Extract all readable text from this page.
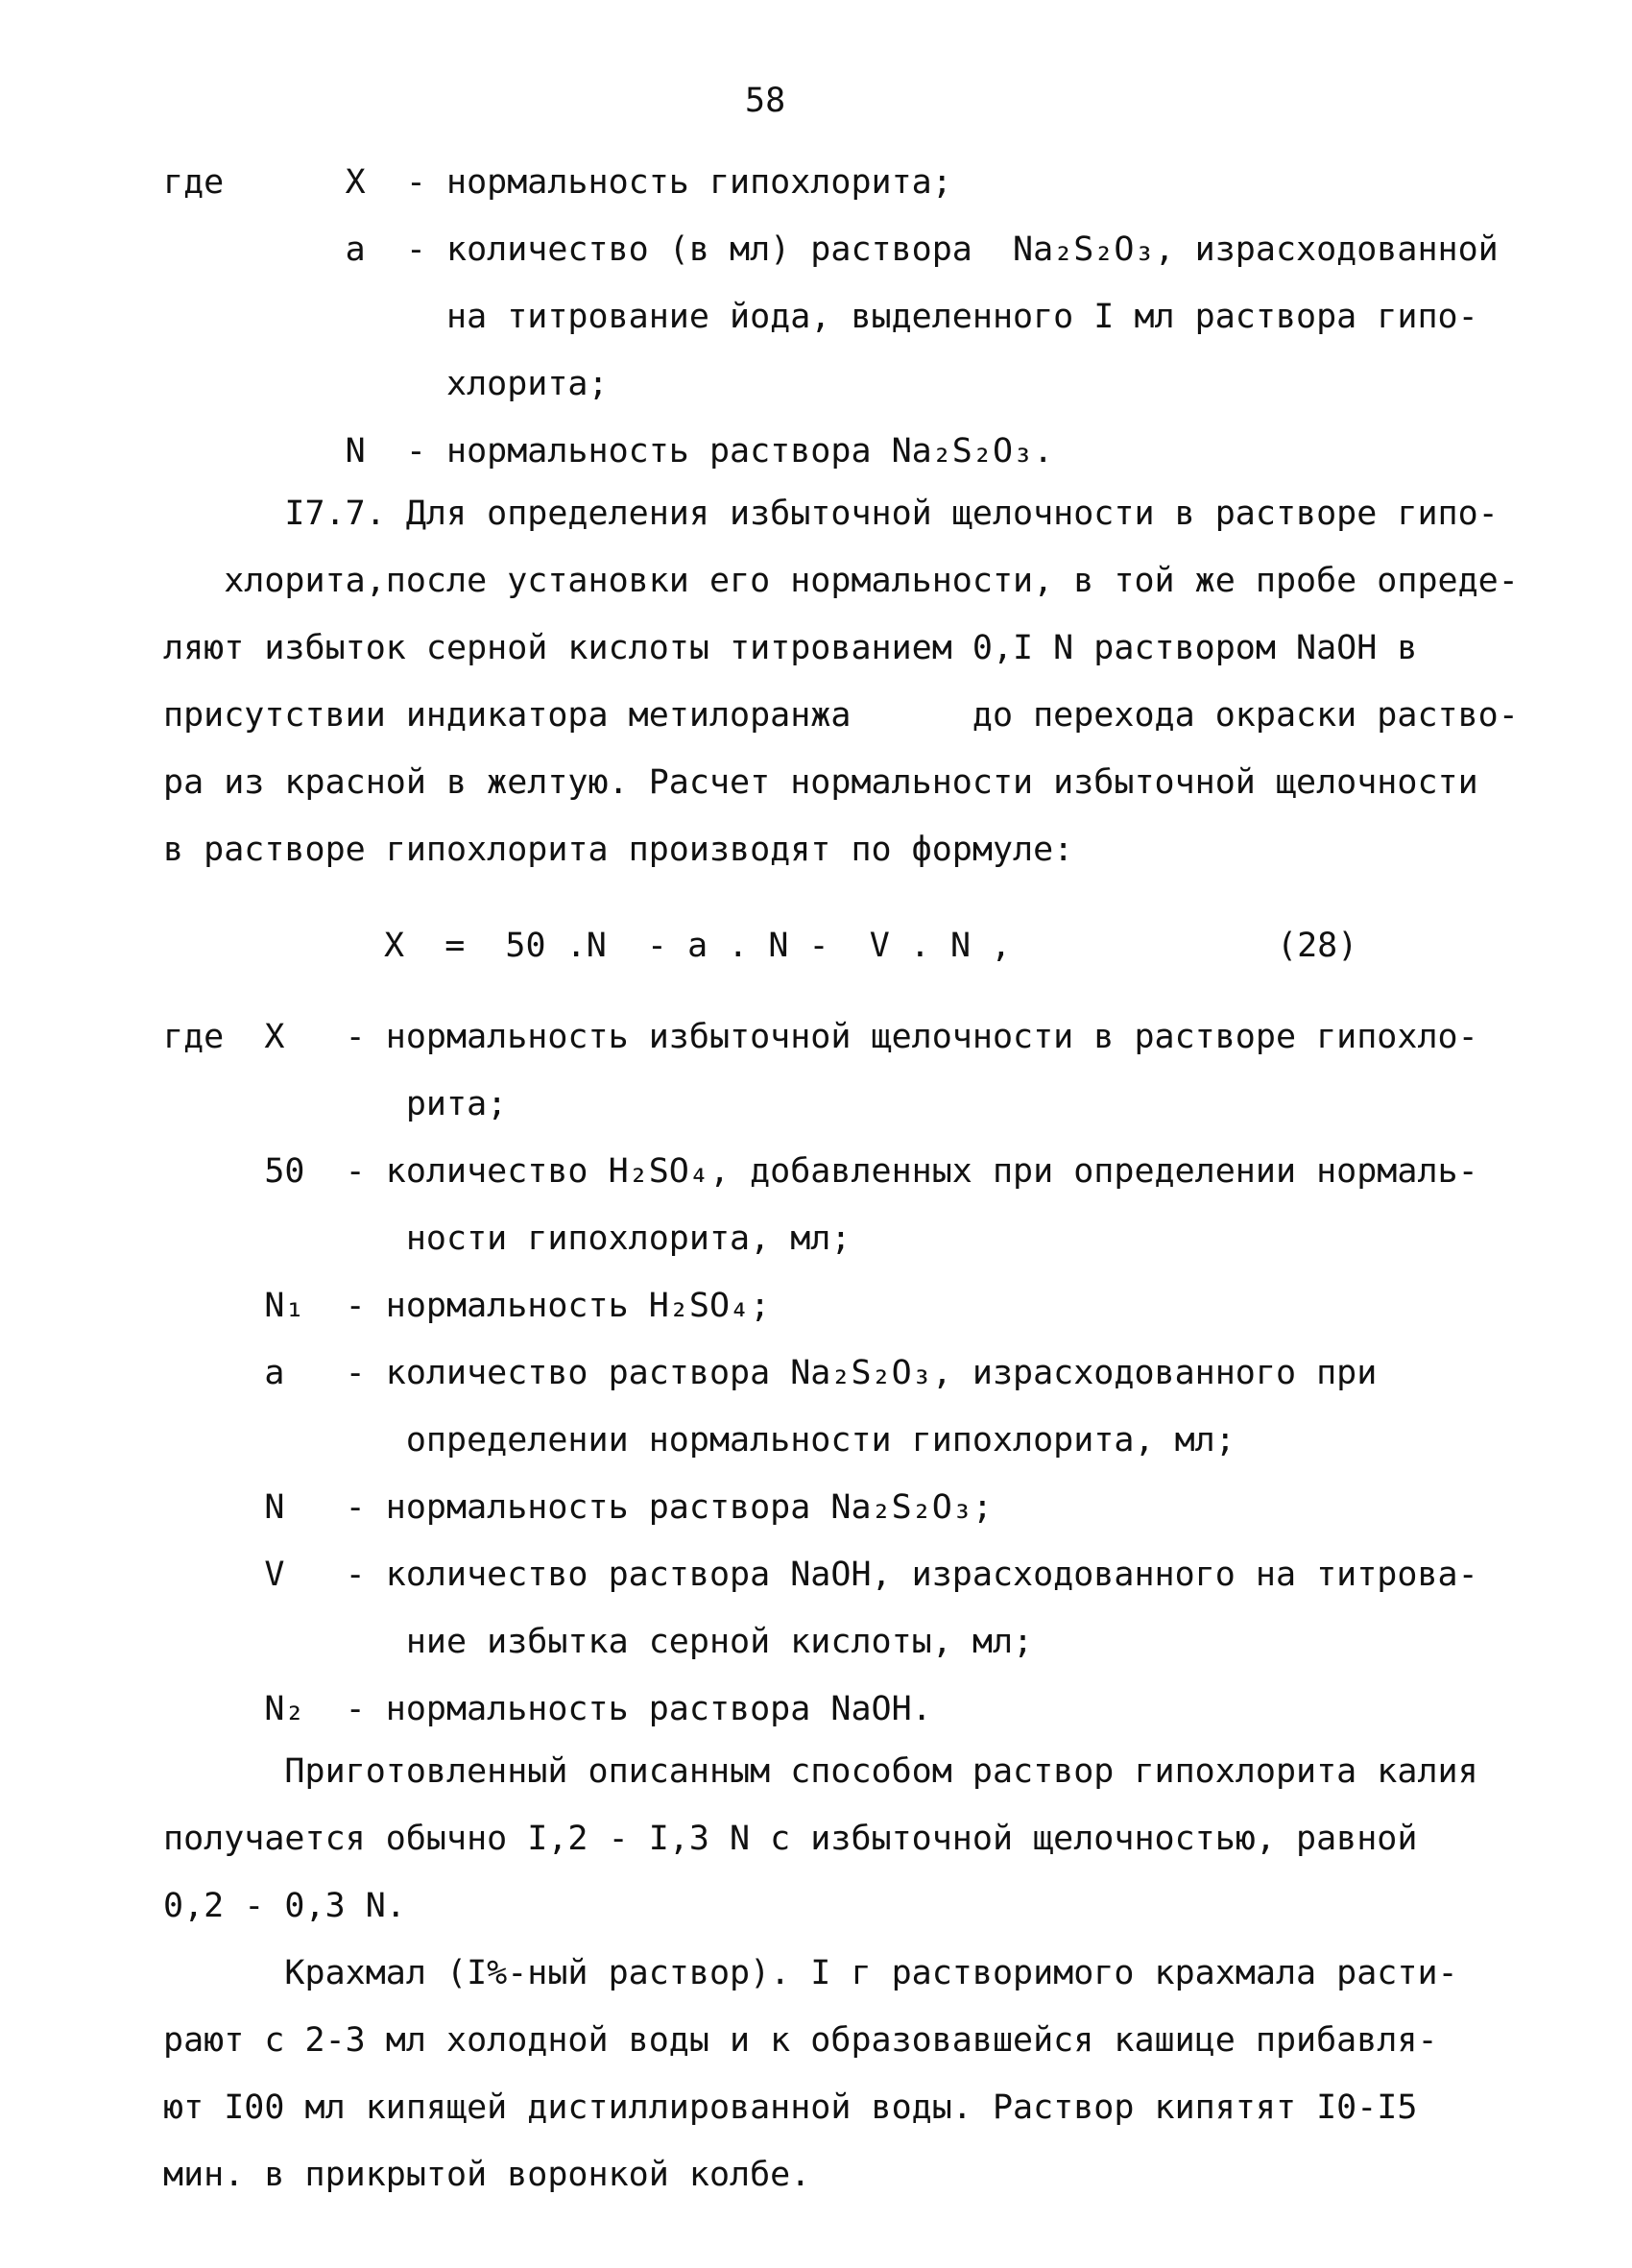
58
где      X  - нормальность гипохлорита;
а  - количество (в мл) раствора  Na₂S₂O₃, израсходованной
на титрование йода, выделенного I мл раствора гипо-
хлорита;
N  - нормальность раствора Na₂S₂O₃.
I7.7. Для определения избыточной щелочности в растворе гипо-
хлорита,после установки его нормальности, в той же пробе опреде-
ляют избыток серной кислоты титрованием 0,I N раствором NaOH в
присутствии индикатора метилоранжа      до перехода окраски раство-
ра из красной в желтую. Расчет нормальности избыточной щелочности
в растворе гипохлорита производят по формуле:
X  =  50 .N  - a . N -  V . N ,	(28)
где  X   - нормальность избыточной щелочности в растворе гипохло-
рита;
50  - количество H₂SO₄, добавленных при определении нормаль-
ности гипохлорита, мл;
N₁  - нормальность H₂SO₄;
а   - количество раствора Na₂S₂O₃, израсходованного при
определении нормальности гипохлорита, мл;
N   - нормальность раствора Na₂S₂O₃;
V   - количество раствора NaOH, израсходованного на титрова-
ние избытка серной кислоты, мл;
N₂  - нормальность раствора NaOH.
Приготовленный описанным способом раствор гипохлорита калия
получается обычно I,2 - I,3 N с избыточной щелочностью, равной
0,2 - 0,3 N.
Крахмал (I%-ный раствор). I г растворимого крахмала расти-
рают с 2-3 мл холодной воды и к образовавшейся кашице прибавля-
ют I00 мл кипящей дистиллированной воды. Раствор кипятят I0-I5
мин. в прикрытой воронкой колбе.
